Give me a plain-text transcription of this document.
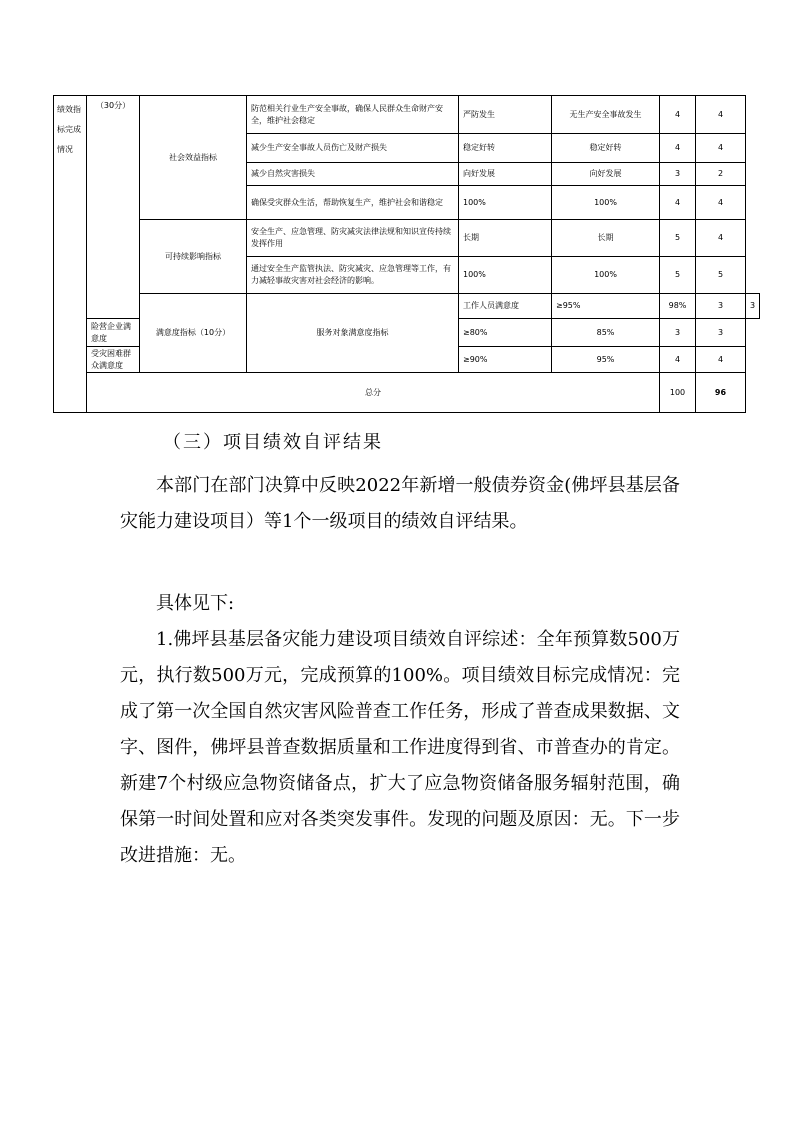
绩效指标完成情况	（30分）	社会效益指标	防范相关行业生产安全事故，确保人民群众生命财产安全，维护社会稳定	严防发生	无生产安全事故发生	4	4	
			减少生产安全事故人员伤亡及财产损失	稳定好转	稳定好转	4	4	
			减少自然灾害损失	向好发展	向好发展	3	2	
			确保受灾群众生活，帮助恢复生产，维护社会和谐稳定	100%	100%	4	4	
		可持续影响指标	安全生产、应急管理、防灾减灾法律法规和知识宣传持续发挥作用	长期	长期	5	4	
			通过安全生产监管执法、防灾减灾、应急管理等工作，有力减轻事故灾害对社会经济的影响。	100%	100%	5	5	
		满意度指标（10分）	服务对象满意度指标	工作人员满意度	≥95%	98%	3	3
	险营企业满意度			≥80%	85%	3	3	
	受灾困难群众满意度			≥90%	95%	4	4	
	总分					100	96	
（三）项目绩效自评结果
本部门在部门决算中反映2022年新增一般债券资金(佛坪县基层备灾能力建设项目）等1个一级项目的绩效自评结果。
具体见下:
1.佛坪县基层备灾能力建设项目绩效自评综述：全年预算数500万元，执行数500万元，完成预算的100%。项目绩效目标完成情况：完成了第一次全国自然灾害风险普查工作任务，形成了普查成果数据、文字、图件，佛坪县普查数据质量和工作进度得到省、市普查办的肯定。新建7个村级应急物资储备点，扩大了应急物资储备服务辐射范围，确保第一时间处置和应对各类突发事件。发现的问题及原因：无。下一步改进措施：无。
